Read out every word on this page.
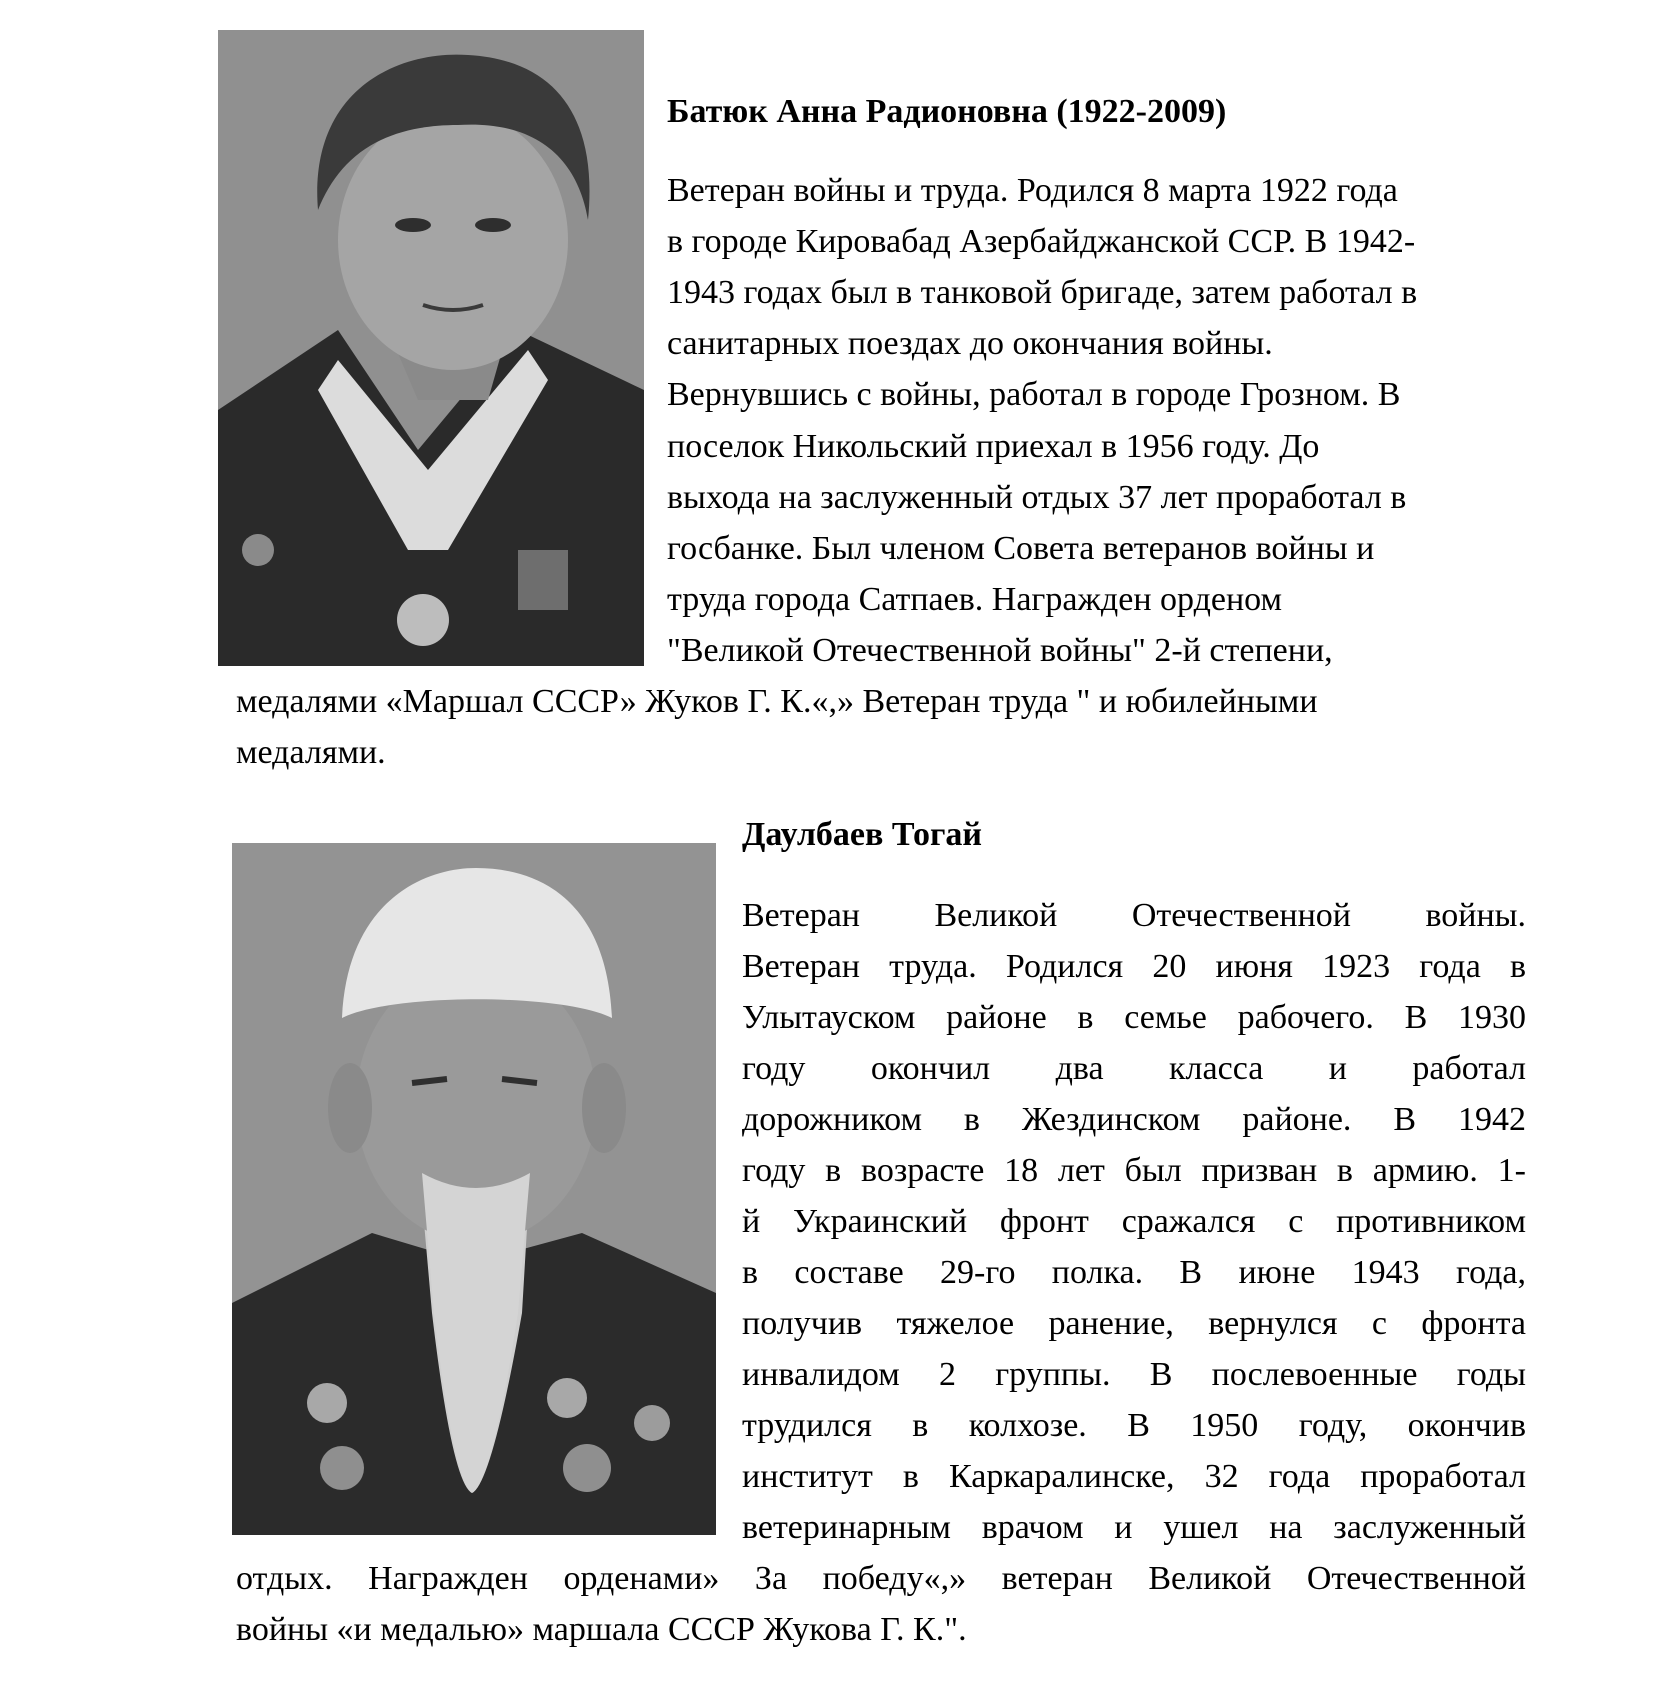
Батюк Анна Радионовна (1922-2009)
Ветеран войны и труда. Родился 8 марта 1922 года
в городе Кировабад Азербайджанской ССР. В 1942-
1943 годах был в танковой бригаде, затем работал в
санитарных поездах до окончания войны.
Вернувшись с войны, работал в городе Грозном. В
поселок Никольский приехал в 1956 году. До
выхода на заслуженный отдых 37 лет проработал в
госбанке. Был членом Совета ветеранов войны и
труда города Сатпаев. Награжден орденом
"Великой Отечественной войны" 2-й степени,
медалями «Маршал СССР» Жуков Г. К.«,» Ветеран труда " и юбилейными
медалями.
Даулбаев Тогай
Ветеран Великой Отечественной войны.
Ветеран труда. Родился 20 июня 1923 года в
Улытауском районе в семье рабочего. В 1930
году окончил два класса и работал
дорожником в Жездинском районе. В 1942
году в возрасте 18 лет был призван в армию. 1-
й Украинский фронт сражался с противником
в составе 29-го полка. В июне 1943 года,
получив тяжелое ранение, вернулся с фронта
инвалидом 2 группы. В послевоенные годы
трудился в колхозе. В 1950 году, окончив
институт в Каркаралинске, 32 года проработал
ветеринарным врачом и ушел на заслуженный
отдых. Награжден орденами» За победу«,» ветеран Великой Отечественной
войны «и медалью» маршала СССР Жукова Г. К.".
